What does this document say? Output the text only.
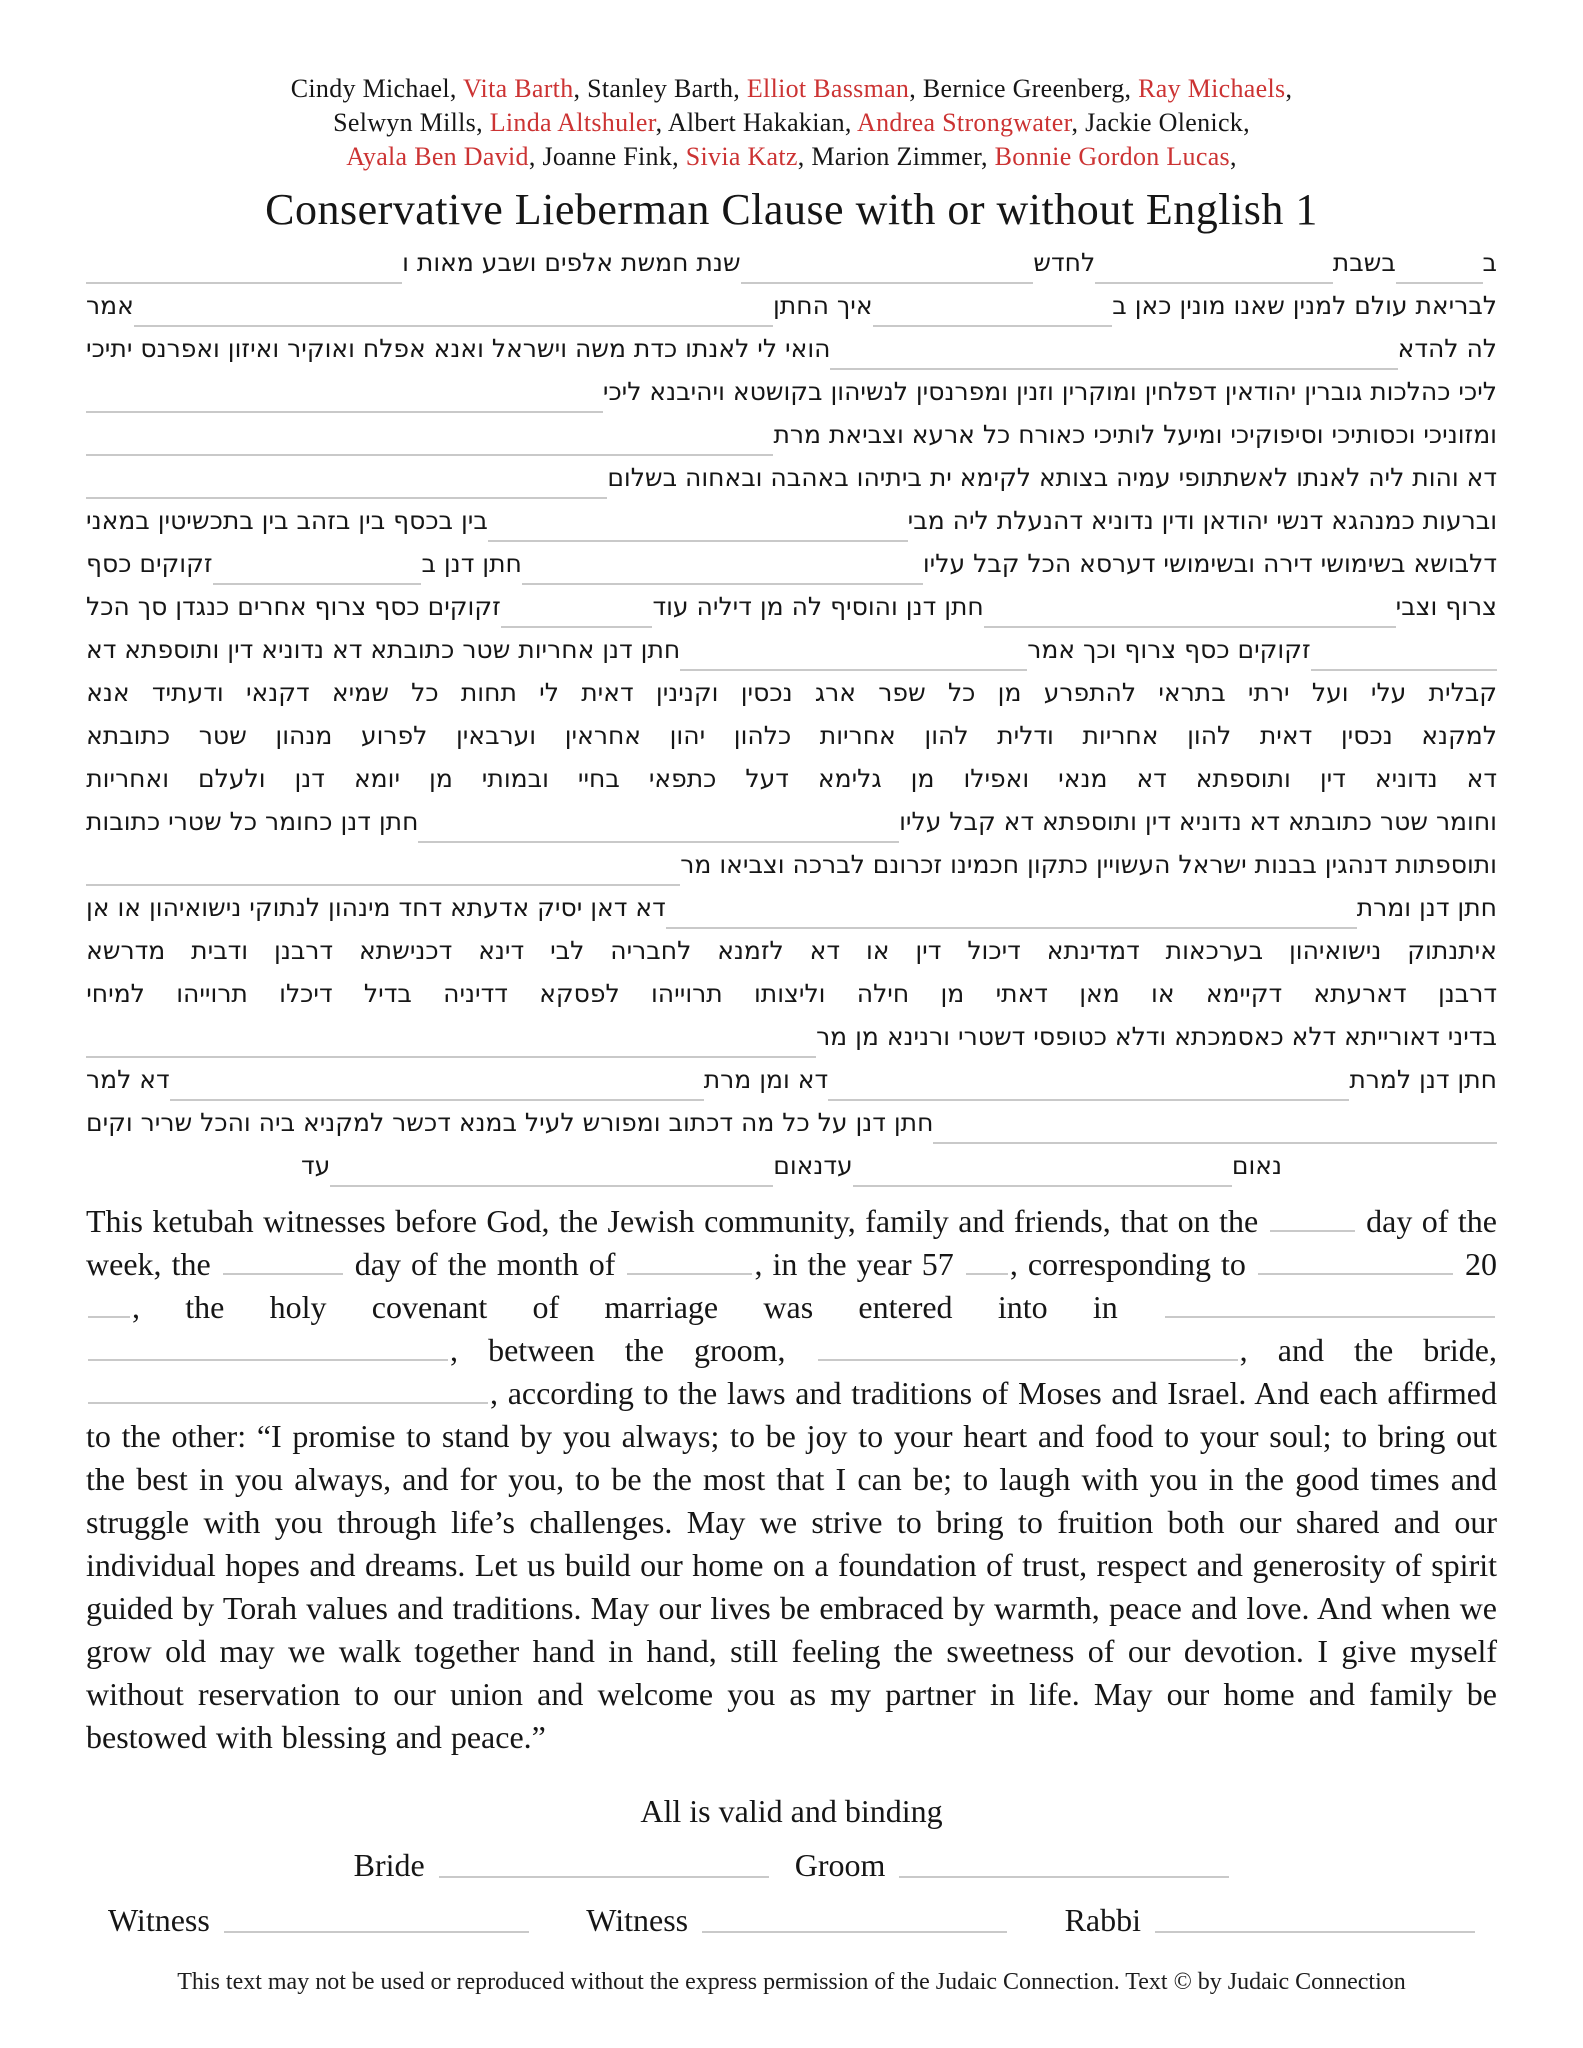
Cindy Michael, Vita Barth, Stanley Barth, Elliot Bassman, Bernice Greenberg, Ray Michaels,
Selwyn Mills, Linda Altshuler, Albert Hakakian, Andrea Strongwater, Jackie Olenick,
Ayala Ben David, Joanne Fink, Sivia Katz, Marion Zimmer, Bonnie Gordon Lucas,
Conservative Lieberman Clause with or without English 1
ב
בשבת
לחדש
שנת חמשת אלפים ושבע מאות ו
לבריאת עולם למנין שאנו מונין כאן ב
איך החתן
אמר
לה להדא
הואי לי לאנתו כדת משה וישראל ואנא אפלח ואוקיר ואיזון ואפרנס יתיכי
ליכי כהלכות גוברין יהודאין דפלחין ומוקרין וזנין ומפרנסין לנשיהון בקושטא ויהיבנא ליכי
ומזוניכי וכסותיכי וסיפוקיכי ומיעל לותיכי כאורח כל ארעא וצביאת מרת
דא והות ליה לאנתו לאשתתופי עמיה בצותא לקימא ית ביתיהו באהבה ובאחוה בשלום
וברעות כמנהגא דנשי יהודאן ודין נדוניא דהנעלת ליה מבי
בין בכסף בין בזהב בין בתכשיטין במאני
דלבושא בשימושי דירה ובשימושי דערסא הכל קבל עליו
חתן דנן ב
זקוקים כסף
צרוף וצבי
חתן דנן והוסיף לה מן דיליה עוד
זקוקים כסף צרוף אחרים כנגדן סך הכל
זקוקים כסף צרוף וכך אמר
חתן דנן אחריות שטר כתובתא דא נדוניא דין ותוספתא דא
קבלית
עלי
ועל
ירתי
בתראי
להתפרע
מן
כל
שפר
ארג
נכסין
וקנינין
דאית
לי
תחות
כל
שמיא
דקנאי
ודעתיד
אנא
למקנא
נכסין
דאית
להון
אחריות
ודלית
להון
אחריות
כלהון
יהון
אחראין
וערבאין
לפרוע
מנהון
שטר
כתובתא
דא
נדוניא
דין
ותוספתא
דא
מנאי
ואפילו
מן
גלימא
דעל
כתפאי
בחיי
ובמותי
מן
יומא
דנן
ולעלם
ואחריות
וחומר שטר כתובתא דא נדוניא דין ותוספתא דא קבל עליו
חתן דנן כחומר כל שטרי כתובות
ותוספתות דנהגין בבנות ישראל העשויין כתקון חכמינו זכרונם לברכה וצביאו מר
חתן דנן ומרת
דא דאן יסיק אדעתא דחד מינהון לנתוקי נישואיהון או אן
איתנתוק
נישואיהון
בערכאות
דמדינתא
דיכול
דין
או
דא
לזמנא
לחבריה
לבי
דינא
דכנישתא
דרבנן
ודבית
מדרשא
דרבנן
דארעתא
דקיימא
או
מאן
דאתי
מן
חילה
וליצותו
תרוייהו
לפסקא
דדיניה
בדיל
דיכלו
תרוייהו
למיחי
בדיני דאורייתא דלא כאסמכתא ודלא כטופסי דשטרי ורנינא מן מר
חתן דנן למרת
דא ומן מרת
דא למר
חתן דנן על כל מה דכתוב ומפורש לעיל במנא דכשר למקניא ביה והכל שריר וקים
נאום
עד
נאום
עד

This ketubah witnesses before God, the Jewish community, family and friends, that on the	day of the week, the	day of the month of	, in the year 57 , corresponding to	20 , the holy covenant of marriage was entered into in , between the groom,	, and the bride, , according to the laws and traditions of Moses and Israel. And each affirmed to the other: “I promise to stand by you always; to be joy to your heart and food to your soul; to bring out the best in you always, and for you, to be the most that I can be; to laugh with you in the good times and struggle with you through life’s challenges. May we strive to bring to fruition both our shared and our individual hopes and dreams. Let us build our home on a foundation of trust, respect and generosity of spirit guided by Torah values and traditions. May our lives be embraced by warmth, peace and love. And when we grow old may we walk together hand in hand, still feeling the sweetness of our devotion. I give myself without reservation to our union and welcome you as my partner in life. May our home and family be bestowed with blessing and peace.”

All is valid and binding
Bride	Groom
Witness	Witness	Rabbi
This text may not be used or reproduced without the express permission of the Judaic Connection. Text © by Judaic Connection
